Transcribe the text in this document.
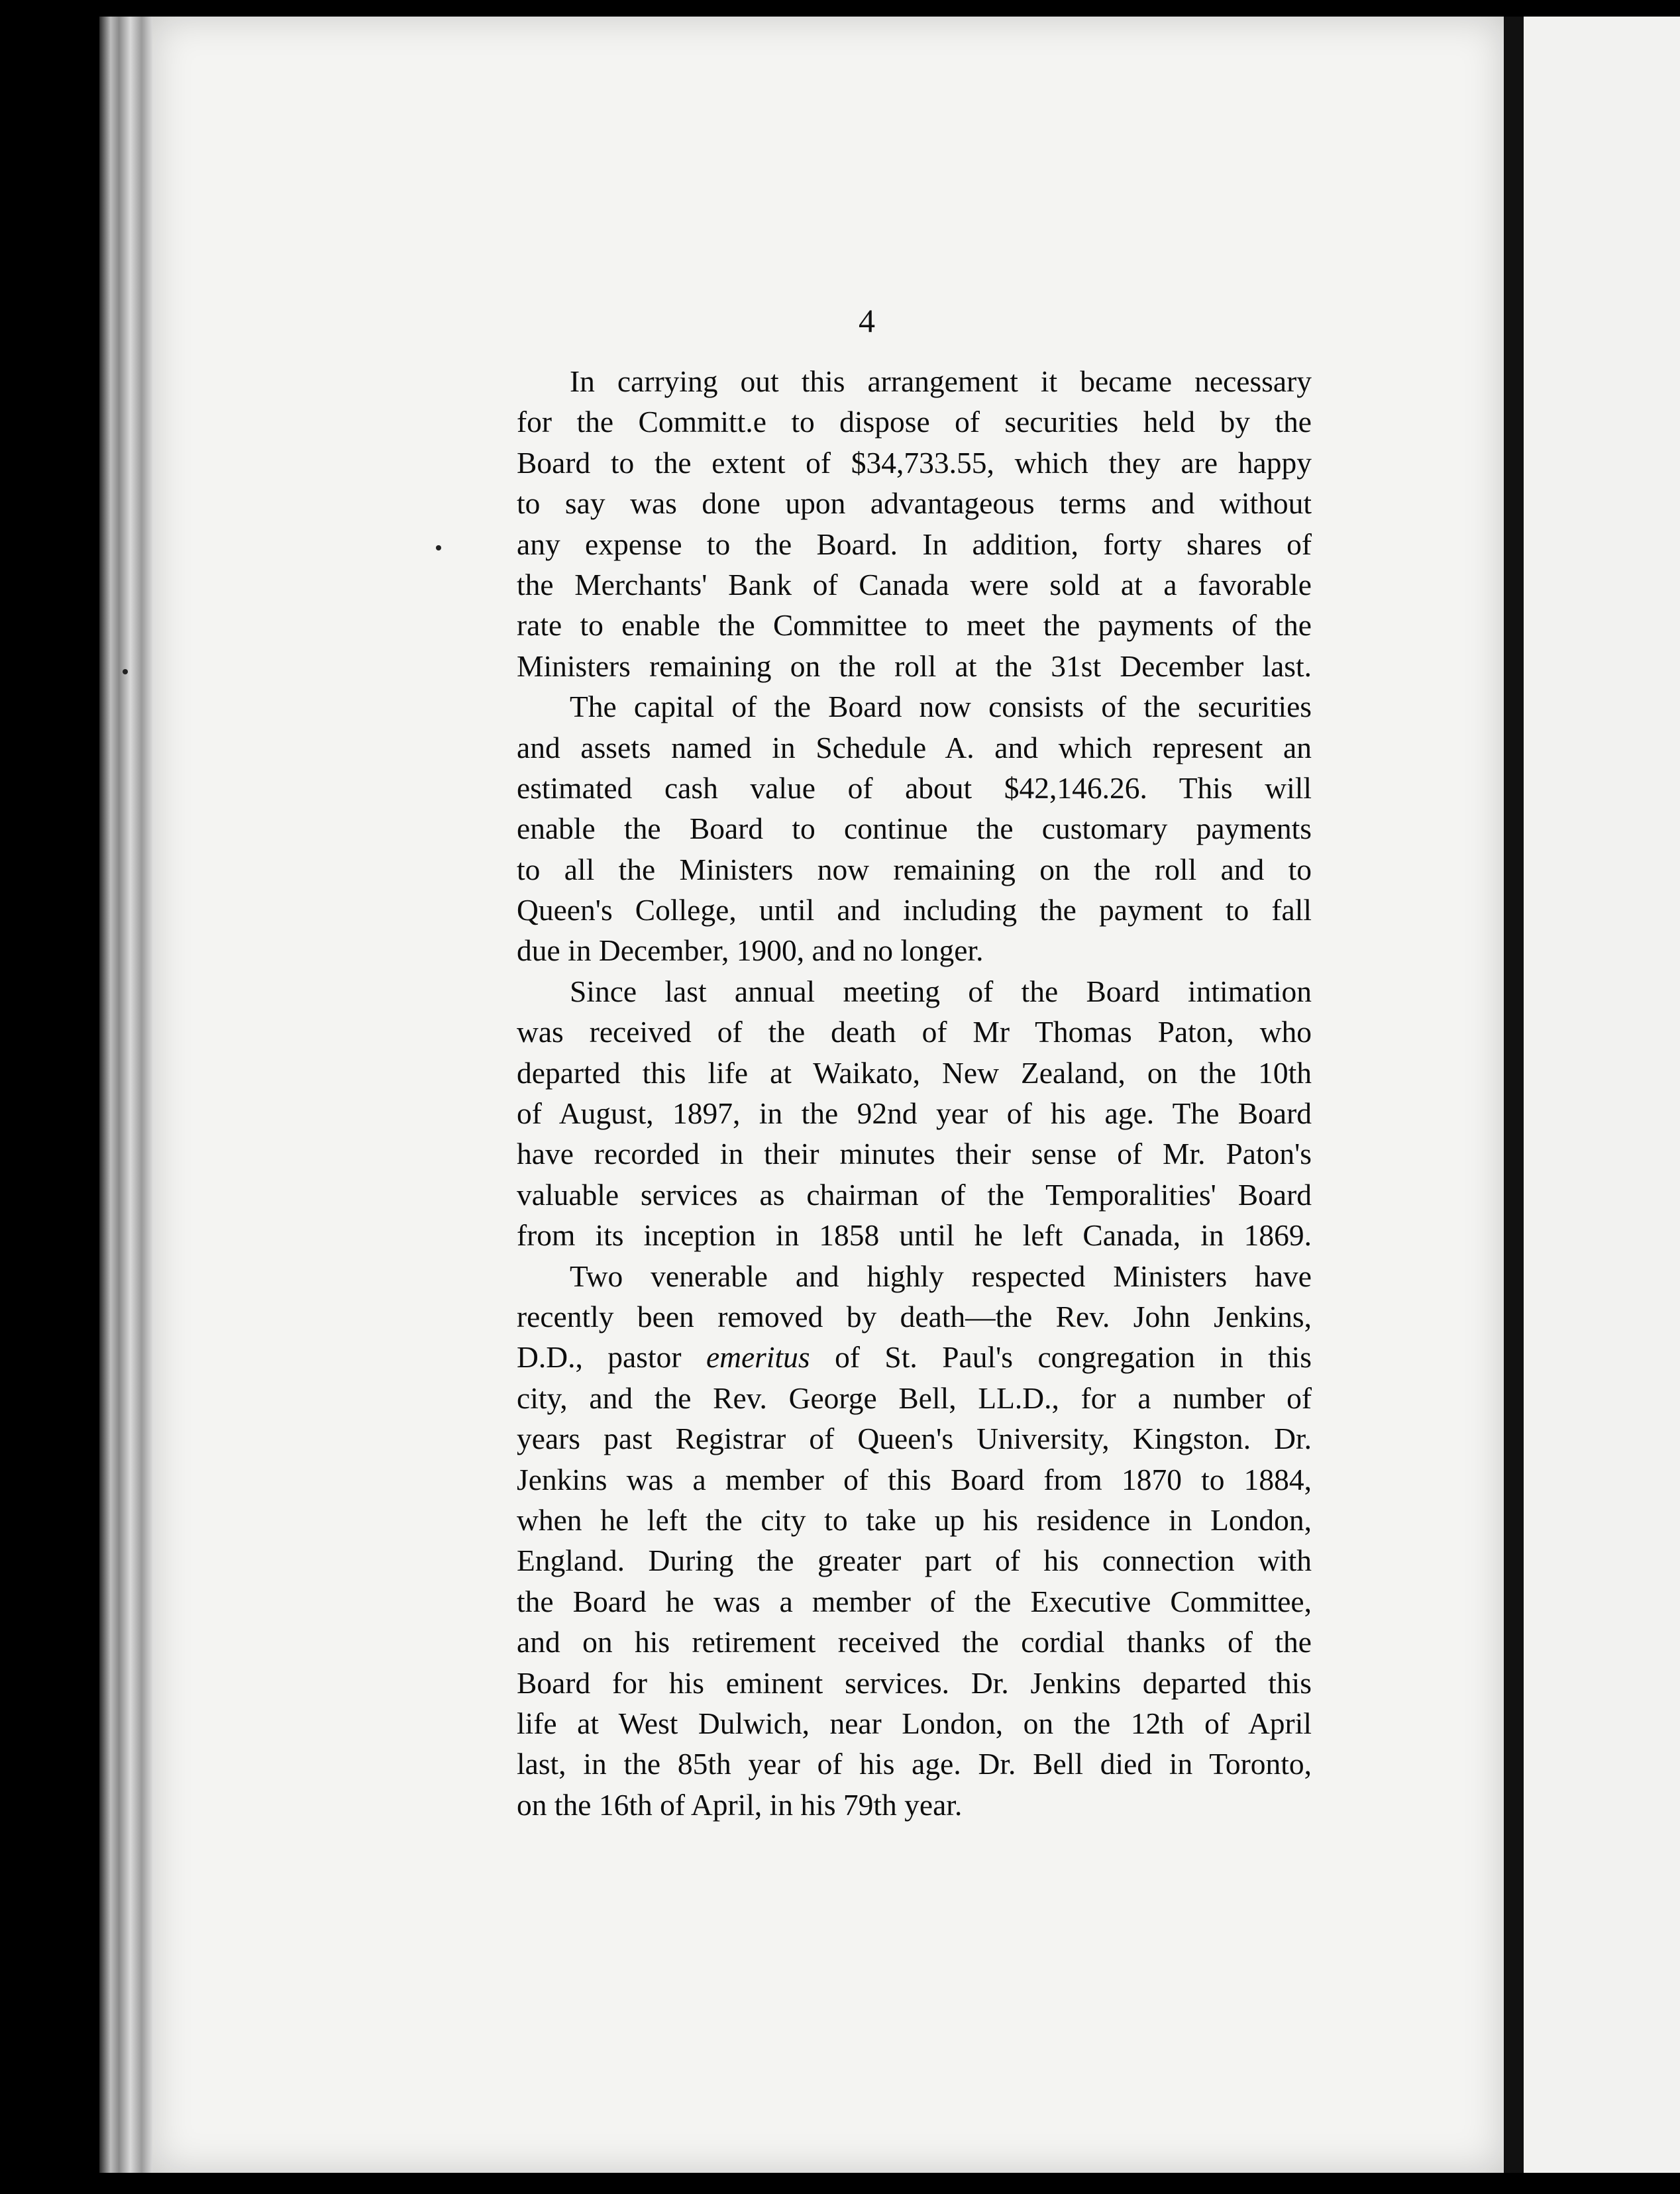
4
In carrying out this arrangement it became necessary
for the Committ.e to dispose of securities held by the
Board to the extent of $34,733.55, which they are happy
to say was done upon advantageous terms and without
any expense to the Board. In addition, forty shares of
the Merchants' Bank of Canada were sold at a favorable
rate to enable the Committee to meet the payments of the
Ministers remaining on the roll at the 31st December last.
The capital of the Board now consists of the securities
and assets named in Schedule A. and which represent an
estimated cash value of about $42,146.26. This will
enable the Board to continue the customary payments
to all the Ministers now remaining on the roll and to
Queen's College, until and including the payment to fall
due in December, 1900, and no longer.
Since last annual meeting of the Board intimation
was received of the death of Mr Thomas Paton, who
departed this life at Waikato, New Zealand, on the 10th
of August, 1897, in the 92nd year of his age. The Board
have recorded in their minutes their sense of Mr. Paton's
valuable services as chairman of the Temporalities' Board
from its inception in 1858 until he left Canada, in 1869.
Two venerable and highly respected Ministers have
recently been removed by death—the Rev. John Jenkins,
D.D., pastor emeritus of St. Paul's congregation in this
city, and the Rev. George Bell, LL.D., for a number of
years past Registrar of Queen's University, Kingston. Dr.
Jenkins was a member of this Board from 1870 to 1884,
when he left the city to take up his residence in London,
England. During the greater part of his connection with
the Board he was a member of the Executive Committee,
and on his retirement received the cordial thanks of the
Board for his eminent services. Dr. Jenkins departed this
life at West Dulwich, near London, on the 12th of April
last, in the 85th year of his age. Dr. Bell died in Toronto,
on the 16th of April, in his 79th year.
